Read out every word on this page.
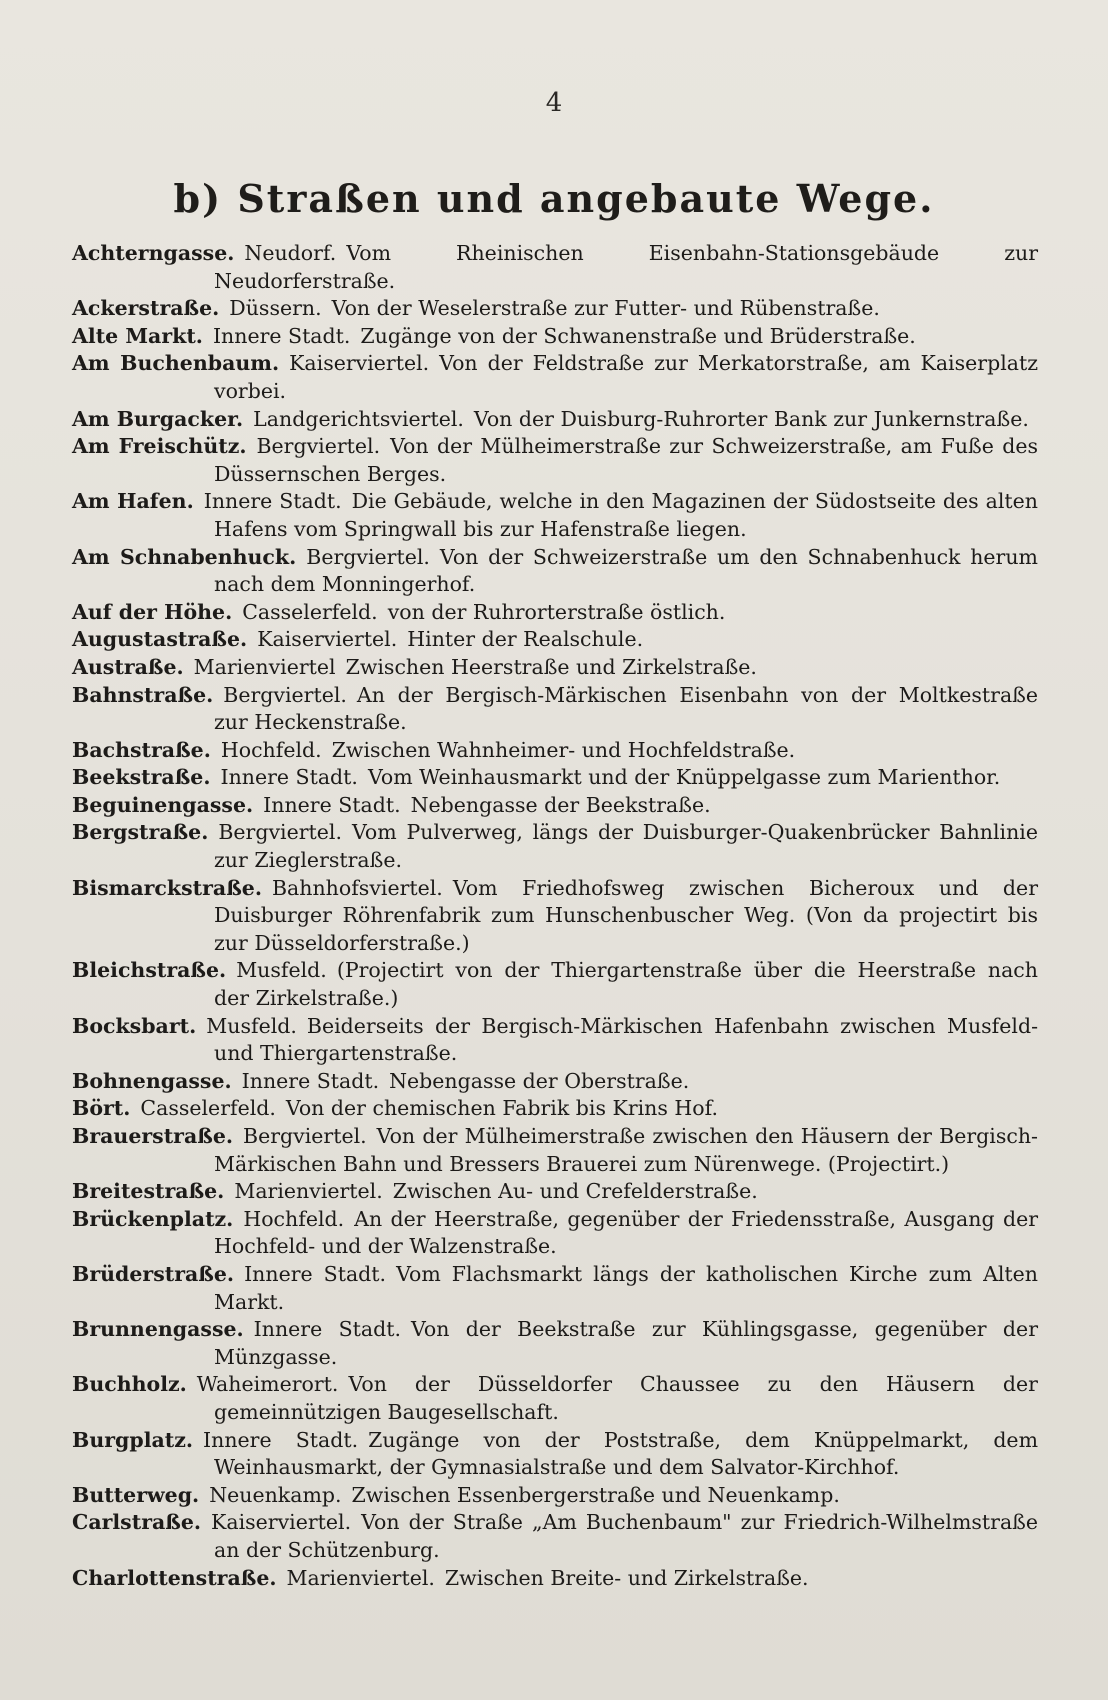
4
b) Straßen und angebaute Wege.
Achterngasse. Neudorf. Vom Rheinischen Eisenbahn-Stationsgebäude zur Neudorferstraße.
Ackerstraße. Düssern. Von der Weselerstraße zur Futter- und Rübenstraße.
Alte Markt. Innere Stadt. Zugänge von der Schwanenstraße und Brüderstraße.
Am Buchenbaum. Kaiserviertel. Von der Feldstraße zur Merkatorstraße, am Kaiserplatz vorbei.
Am Burgacker. Landgerichtsviertel. Von der Duisburg-Ruhrorter Bank zur Junkernstraße.
Am Freischütz. Bergviertel. Von der Mülheimerstraße zur Schweizerstraße, am Fuße des Düssernschen Berges.
Am Hafen. Innere Stadt. Die Gebäude, welche in den Magazinen der Südostseite des alten Hafens vom Springwall bis zur Hafenstraße liegen.
Am Schnabenhuck. Bergviertel. Von der Schweizerstraße um den Schnabenhuck herum nach dem Monningerhof.
Auf der Höhe. Casselerfeld. von der Ruhrorterstraße östlich.
Augustastraße. Kaiserviertel. Hinter der Realschule.
Austraße. Marienviertel Zwischen Heerstraße und Zirkelstraße.
Bahnstraße. Bergviertel. An der Bergisch-Märkischen Eisenbahn von der Moltkestraße zur Heckenstraße.
Bachstraße. Hochfeld. Zwischen Wahnheimer- und Hochfeldstraße.
Beekstraße. Innere Stadt. Vom Weinhausmarkt und der Knüppelgasse zum Marienthor.
Beguinengasse. Innere Stadt. Nebengasse der Beekstraße.
Bergstraße. Bergviertel. Vom Pulverweg, längs der Duisburger-Quakenbrücker Bahnlinie zur Zieglerstraße.
Bismarckstraße. Bahnhofsviertel. Vom Friedhofsweg zwischen Bicheroux und der Duisburger Röhrenfabrik zum Hunschenbuscher Weg. (Von da projectirt bis zur Düsseldorferstraße.)
Bleichstraße. Musfeld. (Projectirt von der Thiergartenstraße über die Heerstraße nach der Zirkelstraße.)
Bocksbart. Musfeld. Beiderseits der Bergisch-Märkischen Hafenbahn zwischen Musfeld- und Thiergartenstraße.
Bohnengasse. Innere Stadt. Nebengasse der Oberstraße.
Bört. Casselerfeld. Von der chemischen Fabrik bis Krins Hof.
Brauerstraße. Bergviertel. Von der Mülheimerstraße zwischen den Häusern der Bergisch-Märkischen Bahn und Bressers Brauerei zum Nürenwege. (Projectirt.)
Breitestraße. Marienviertel. Zwischen Au- und Crefelderstraße.
Brückenplatz. Hochfeld. An der Heerstraße, gegenüber der Friedensstraße, Ausgang der Hochfeld- und der Walzenstraße.
Brüderstraße. Innere Stadt. Vom Flachsmarkt längs der katholischen Kirche zum Alten Markt.
Brunnengasse. Innere Stadt. Von der Beekstraße zur Kühlingsgasse, gegenüber der Münzgasse.
Buchholz. Waheimerort. Von der Düsseldorfer Chaussee zu den Häusern der gemeinnützigen Baugesellschaft.
Burgplatz. Innere Stadt. Zugänge von der Poststraße, dem Knüppelmarkt, dem Weinhausmarkt, der Gymnasialstraße und dem Salvator-Kirchhof.
Butterweg. Neuenkamp. Zwischen Essenbergerstraße und Neuenkamp.
Carlstraße. Kaiserviertel. Von der Straße „Am Buchenbaum" zur Friedrich-Wilhelmstraße an der Schützenburg.
Charlottenstraße. Marienviertel. Zwischen Breite- und Zirkelstraße.
